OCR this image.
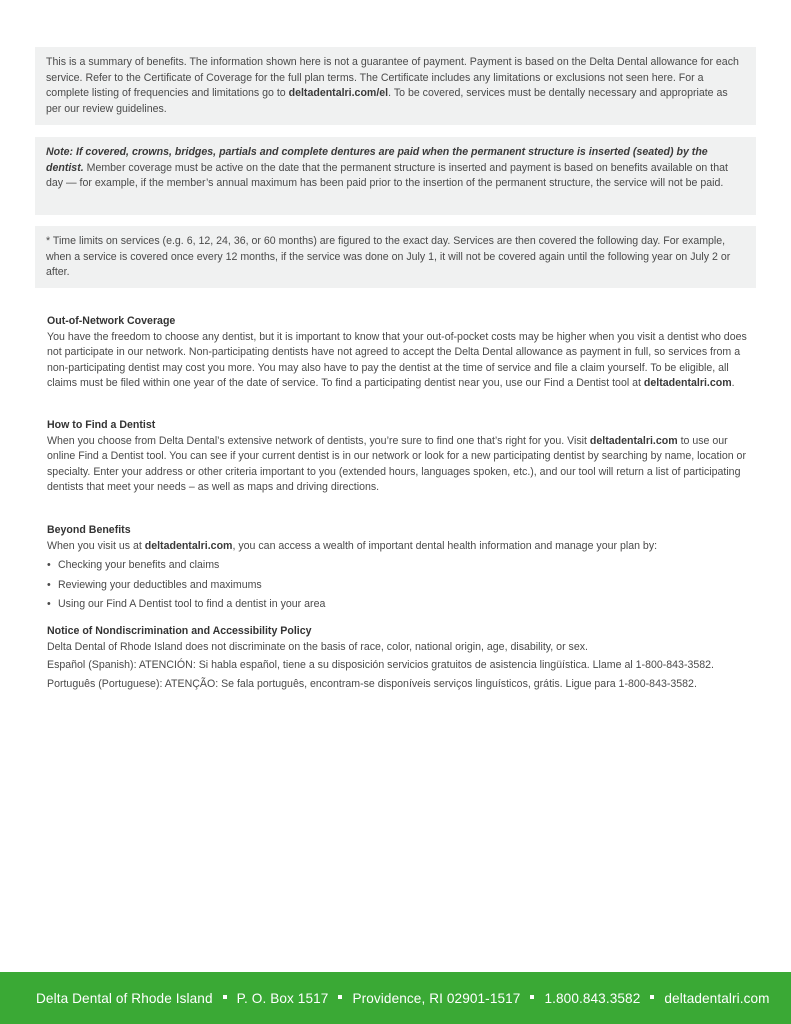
This is a summary of benefits. The information shown here is not a guarantee of payment. Payment is based on the Delta Dental allowance for each service. Refer to the Certificate of Coverage for the full plan terms. The Certificate includes any limitations or exclusions not seen here. For a complete listing of frequencies and limitations go to deltadentalri.com/el. To be covered, services must be dentally necessary and appropriate as per our review guidelines.

Note: If covered, crowns, bridges, partials and complete dentures are paid when the permanent structure is inserted (seated) by the dentist. Member coverage must be active on the date that the permanent structure is inserted and payment is based on benefits available on that day — for example, if the member’s annual maximum has been paid prior to the insertion of the permanent structure, the service will not be paid.

* Time limits on services (e.g. 6, 12, 24, 36, or 60 months) are figured to the exact day. Services are then covered the following day. For example, when a service is covered once every 12 months, if the service was done on July 1, it will not be covered again until the following year on July 2 or after.

Out-of-Network Coverage

You have the freedom to choose any dentist, but it is important to know that your out-of-pocket costs may be higher when you visit a dentist who does not participate in our network. Non-participating dentists have not agreed to accept the Delta Dental allowance as payment in full, so services from a non-participating dentist may cost you more. You may also have to pay the dentist at the time of service and file a claim yourself. To be eligible, all claims must be filed within one year of the date of service. To find a participating dentist near you, use our Find a Dentist tool at deltadentalri.com.

How to Find a Dentist

When you choose from Delta Dental’s extensive network of dentists, you’re sure to find one that’s right for you. Visit deltadentalri.com to use our online Find a Dentist tool. You can see if your current dentist is in our network or look for a new participating dentist by searching by name, location or specialty. Enter your address or other criteria important to you (extended hours, languages spoken, etc.), and our tool will return a list of participating dentists that meet your needs – as well as maps and driving directions.

Beyond Benefits

When you visit us at deltadentalri.com, you can access a wealth of important dental health information and manage your plan by:

• Checking your benefits and claims
• Reviewing your deductibles and maximums
• Using our Find A Dentist tool to find a dentist in your area
Notice of Nondiscrimination and Accessibility Policy

Delta Dental of Rhode Island does not discriminate on the basis of race, color, national origin, age, disability, or sex.

Español (Spanish): ATENCIÓN: Si habla español, tiene a su disposición servicios gratuitos de asistencia lingüística. Llame al 1-800-843-3582.

Português (Portuguese): ATENÇÃO: Se fala português, encontram-se disponíveis serviços linguísticos, grátis. Ligue para 1-800-843-3582.

Delta Dental of Rhode Island P. O. Box 1517 Providence, RI 02901-1517 1.800.843.3582 deltadentalri.com
